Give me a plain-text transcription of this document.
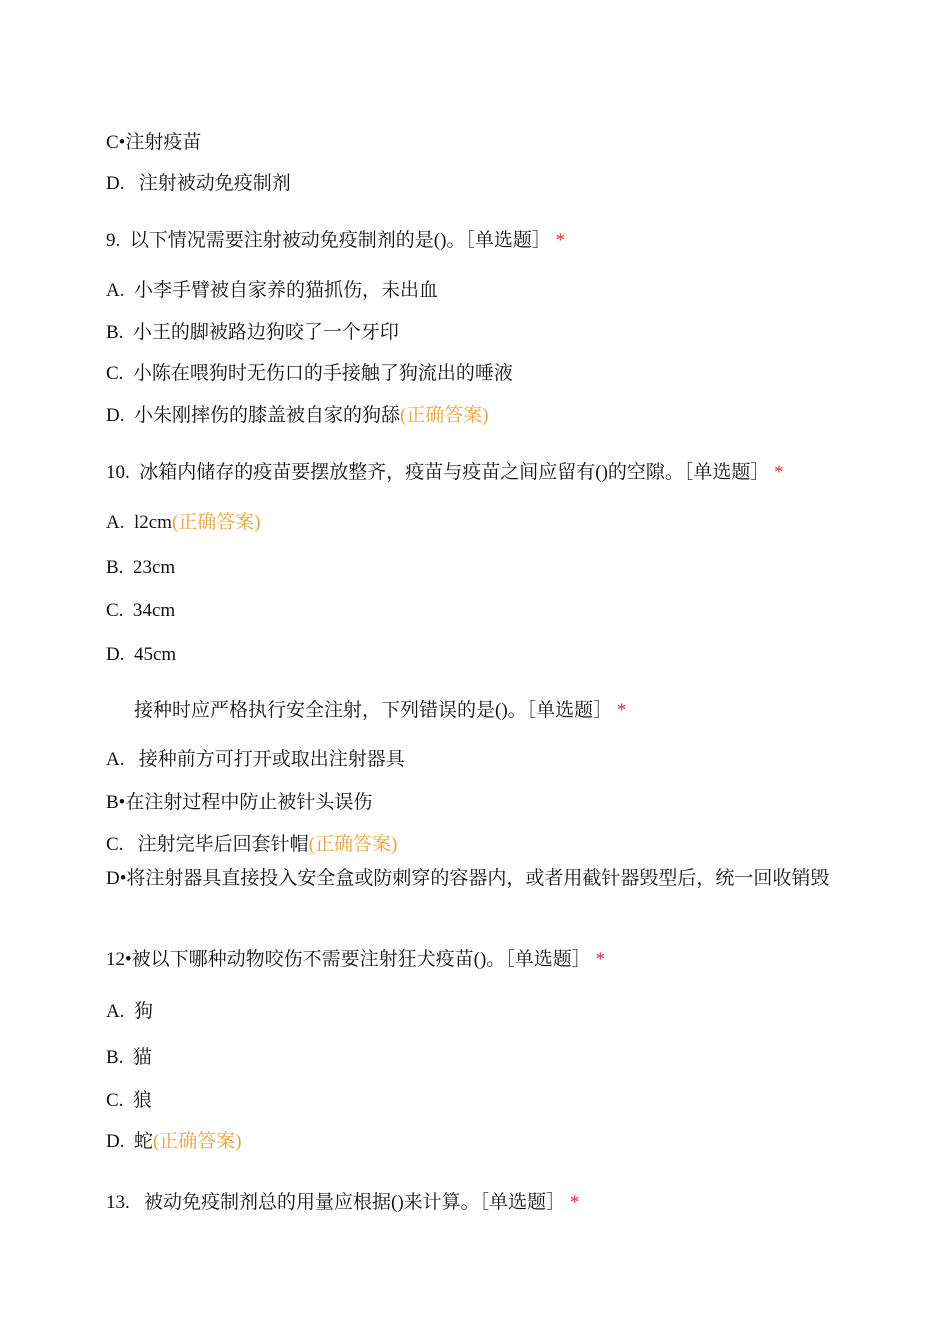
C•注射疫苗
D.   注射被动免疫制剂
9.  以下情况需要注射被动免疫制剂的是()。［单选题］ *
A.  小李手臂被自家养的猫抓伤，未出血
B.  小王的脚被路边狗咬了一个牙印
C.  小陈在喂狗时无伤口的手接触了狗流出的唾液
D.  小朱刚摔伤的膝盖被自家的狗舔(正确答案)
10.  冰箱内储存的疫苗要摆放整齐，疫苗与疫苗之间应留有()的空隙。［单选题］ *
A.  l2cm(正确答案)
B.  23cm
C.  34cm
D.  45cm
接种时应严格执行安全注射，下列错误的是()。［单选题］ *
A.   接种前方可打开或取出注射器具
B•在注射过程中防止被针头误伤
C.   注射完毕后回套针帽(正确答案)
D•将注射器具直接投入安全盒或防刺穿的容器内，或者用截针器毁型后，统一回收销毁
12•被以下哪种动物咬伤不需要注射狂犬疫苗()。［单选题］ *
A.  狗
B.  猫
C.  狼
D.  蛇(正确答案)
13.   被动免疫制剂总的用量应根据()来计算。［单选题］ *
